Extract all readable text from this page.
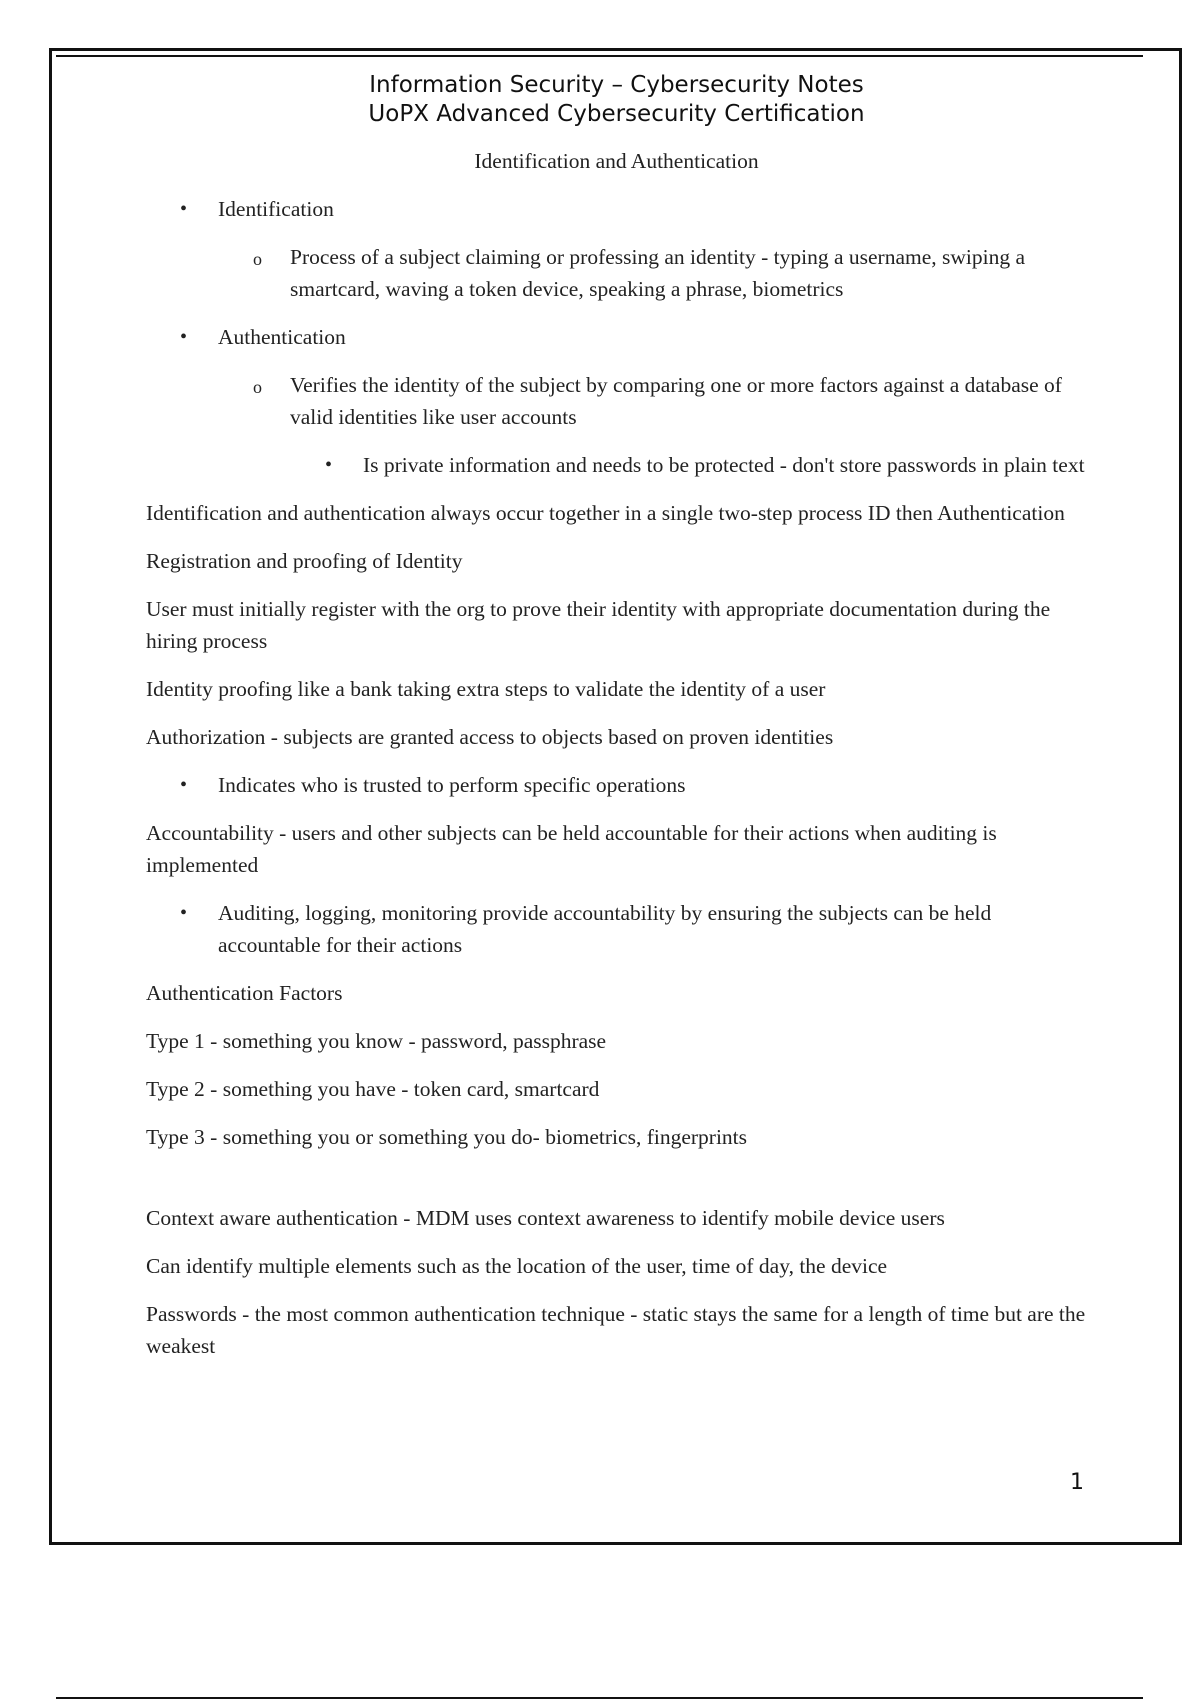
Information Security – Cybersecurity Notes
UoPX Advanced Cybersecurity Certification
Identification and Authentication
• Identification
o Process of a subject claiming or professing an identity - typing a username, swiping a smartcard, waving a token device, speaking a phrase, biometrics
• Authentication
o Verifies the identity of the subject by comparing one or more factors against a database of valid identities like user accounts
• Is private information and needs to be protected - don't store passwords in plain text

Identification and authentication always occur together in a single two-step process ID then Authentication

Registration and proofing of Identity

User must initially register with the org to prove their identity with appropriate documentation during the hiring process

Identity proofing like a bank taking extra steps to validate the identity of a user

Authorization - subjects are granted access to objects based on proven identities

• Indicates who is trusted to perform specific operations

Accountability - users and other subjects can be held accountable for their actions when auditing is implemented

• Auditing, logging, monitoring provide accountability by ensuring the subjects can be held accountable for their actions

Authentication Factors

Type 1 - something you know - password, passphrase

Type 2 - something you have - token card, smartcard

Type 3 - something you or something you do- biometrics, fingerprints

Context aware authentication - MDM uses context awareness to identify mobile device users

Can identify multiple elements such as the location of the user, time of day, the device

Passwords - the most common authentication technique - static stays the same for a length of time but are the weakest

1
